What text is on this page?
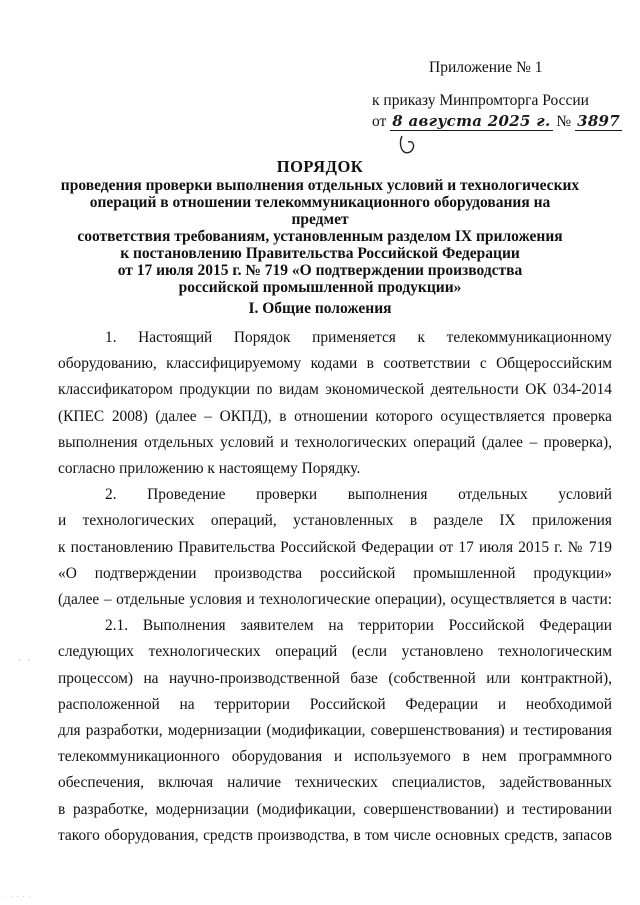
Приложение № 1
к приказу Минпромторга России
от 8 августа 2025 г. № 3897
ПОРЯДОК
проведения проверки выполнения отдельных условий и технологических
операций в отношении телекоммуникационного оборудования на предмет
соответствия требованиям, установленным разделом IX приложения
к постановлению Правительства Российской Федерации
от 17 июля 2015 г. № 719 «О подтверждении производства
российской промышленной продукции»
I. Общие положения

1. Настоящий Порядок применяется к телекоммуникационному

оборудованию, классифицируемому кодами в соответствии с Общероссийским

классификатором продукции по видам экономической деятельности ОК 034-2014

(КПЕС 2008) (далее – ОКПД), в отношении которого осуществляется проверка

выполнения отдельных условий и технологических операций (далее – проверка),

согласно приложению к настоящему Порядку.

2. Проведение проверки выполнения отдельных условий

и технологических операций, установленных в разделе IX приложения

к постановлению Правительства Российской Федерации от 17 июля 2015 г. № 719

«О подтверждении производства российской промышленной продукции»

(далее – отдельные условия и технологические операции), осуществляется в части:

2.1. Выполнения заявителем на территории Российской Федерации

следующих технологических операций (если установлено технологическим

процессом) на научно-производственной базе (собственной или контрактной),

расположенной на территории Российской Федерации и необходимой

для разработки, модернизации (модификации, совершенствования) и тестирования

телекоммуникационного оборудования и используемого в нем программного

обеспечения, включая наличие технических специалистов, задействованных

в разработке, модернизации (модификации, совершенствовании) и тестировании

такого оборудования, средств производства, в том числе основных средств, запасов

· ·
· · · · ·
